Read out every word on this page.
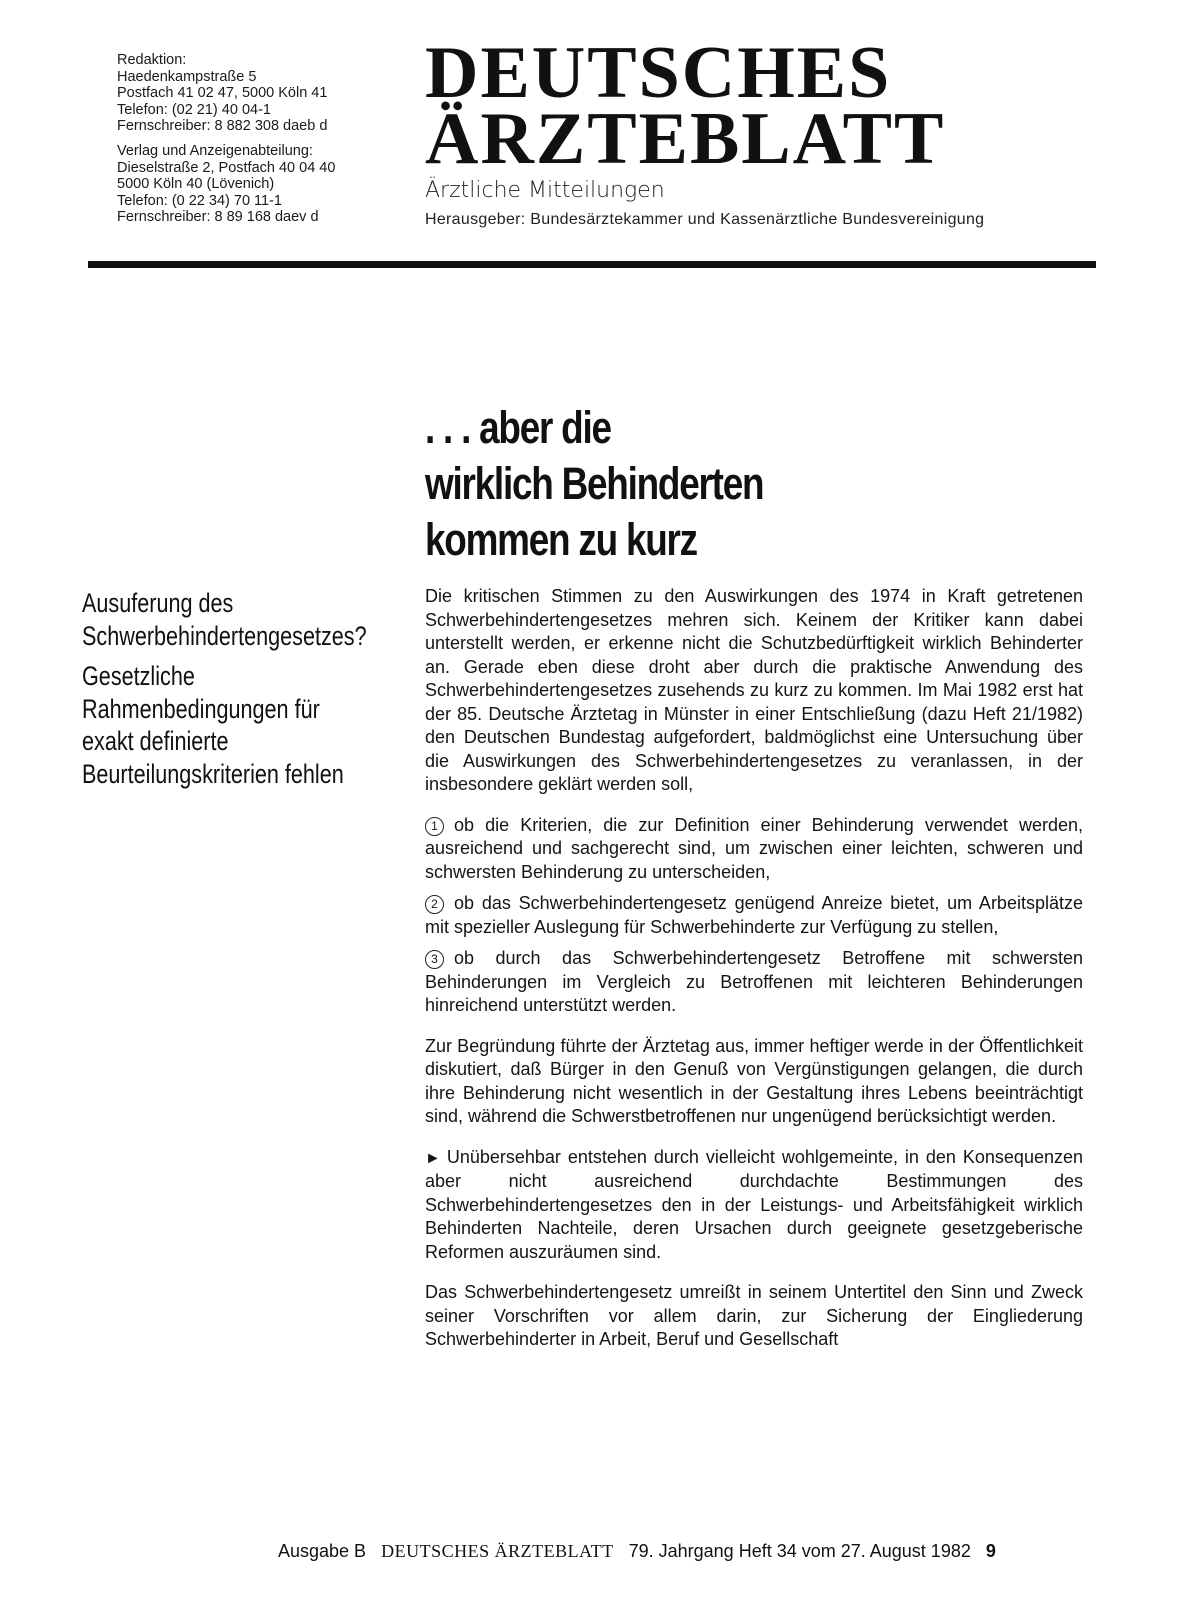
Redaktion:
Haedenkampstraße 5
Postfach 41 02 47, 5000 Köln 41
Telefon: (02 21) 40 04-1
Fernschreiber: 8 882 308 daeb d
Verlag und Anzeigenabteilung:
Dieselstraße 2, Postfach 40 04 40
5000 Köln 40 (Lövenich)
Telefon: (0 22 34) 70 11-1
Fernschreiber: 8 89 168 daev d
DEUTSCHES
ÄRZTEBLATT
Ärztliche Mitteilungen
Herausgeber: Bundesärztekammer und Kassenärztliche Bundesvereinigung
. . . aber die
wirklich Behinderten
kommen zu kurz
Ausuferung des
Schwerbehindertengesetzes?
Gesetzliche
Rahmenbedingungen für
exakt definierte
Beurteilungskriterien fehlen

Die kritischen Stimmen zu den Auswirkungen des 1974 in Kraft getretenen Schwerbehindertengesetzes mehren sich. Keinem der Kritiker kann dabei unterstellt werden, er erkenne nicht die Schutzbedürftigkeit wirklich Behinderter an. Gerade eben diese droht aber durch die praktische Anwendung des Schwerbehindertengesetzes zusehends zu kurz zu kommen. Im Mai 1982 erst hat der 85. Deutsche Ärztetag in Münster in einer Entschließung (dazu Heft 21/1982) den Deutschen Bundestag aufgefordert, baldmöglichst eine Untersuchung über die Auswirkungen des Schwerbehindertengesetzes zu veranlassen, in der insbesondere geklärt werden soll,

1 ob die Kriterien, die zur Definition einer Behinderung verwendet werden, ausreichend und sachgerecht sind, um zwischen einer leichten, schweren und schwersten Behinderung zu unterscheiden,

2 ob das Schwerbehindertengesetz genügend Anreize bietet, um Arbeitsplätze mit spezieller Auslegung für Schwerbehinderte zur Verfügung zu stellen,

3 ob durch das Schwerbehindertengesetz Betroffene mit schwersten Behinderungen im Vergleich zu Betroffenen mit leichteren Behinderungen hinreichend unterstützt werden.

Zur Begründung führte der Ärztetag aus, immer heftiger werde in der Öffentlichkeit diskutiert, daß Bürger in den Genuß von Vergünstigungen gelangen, die durch ihre Behinderung nicht wesentlich in der Gestaltung ihres Lebens beeinträchtigt sind, während die Schwerstbetroffenen nur ungenügend berücksichtigt werden.

► Unübersehbar entstehen durch vielleicht wohlgemeinte, in den Konsequenzen aber nicht ausreichend durchdachte Bestimmungen des Schwerbehindertengesetzes den in der Leistungs- und Arbeitsfähigkeit wirklich Behinderten Nachteile, deren Ursachen durch geeignete gesetzgeberische Reformen auszuräumen sind.

Das Schwerbehindertengesetz umreißt in seinem Untertitel den Sinn und Zweck seiner Vorschriften vor allem darin, zur Sicherung der Eingliederung Schwerbehinderter in Arbeit, Beruf und Gesellschaft

Ausgabe B DEUTSCHES ÄRZTEBLATT 79. Jahrgang Heft 34 vom 27. August 1982 9
